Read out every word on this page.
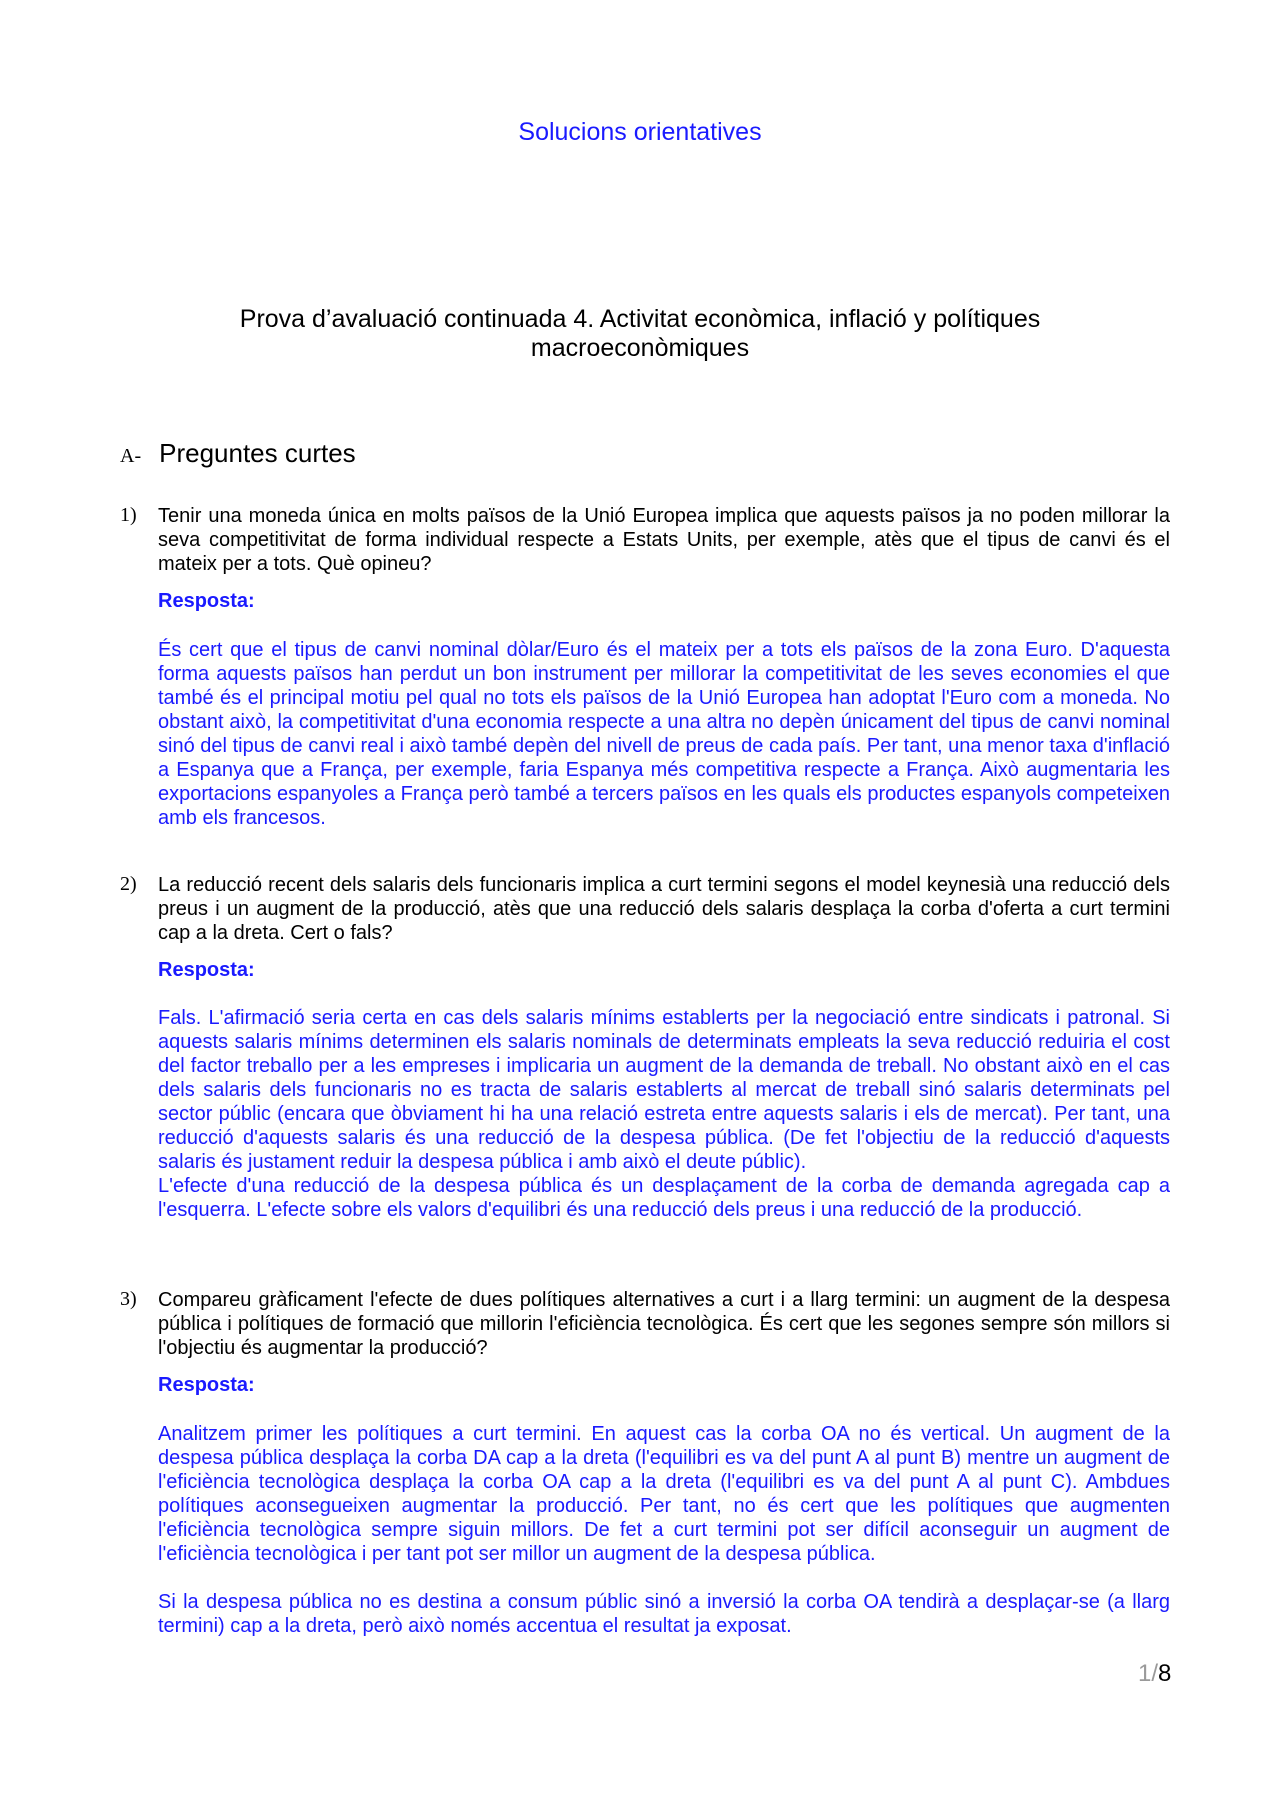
Solucions orientatives
Prova d’avaluació continuada 4. Activitat econòmica, inflació y polítiques macroeconòmiques
A- Preguntes curtes
1) Tenir una moneda única en molts països de la Unió Europea implica que aquests països ja no poden millorar la seva competitivitat de forma individual respecte a Estats Units, per exemple, atès que el tipus de canvi és el mateix per a tots. Què opineu?
Resposta:

És cert que el tipus de canvi nominal dòlar/Euro és el mateix per a tots els països de la zona Euro. D'aquesta forma aquests països han perdut un bon instrument per millorar la competitivitat de les seves economies el que també és el principal motiu pel qual no tots els països de la Unió Europea han adoptat l'Euro com a moneda. No obstant això, la competitivitat d'una economia respecte a una altra no depèn únicament del tipus de canvi nominal sinó del tipus de canvi real i això també depèn del nivell de preus de cada país. Per tant, una menor taxa d'inflació a Espanya que a França, per exemple, faria Espanya més competitiva respecte a França. Això augmentaria les exportacions espanyoles a França però també a tercers països en les quals els productes espanyols competeixen amb els francesos.

2) La reducció recent dels salaris dels funcionaris implica a curt termini segons el model keynesià una reducció dels preus i un augment de la producció, atès que una reducció dels salaris desplaça la corba d'oferta a curt termini cap a la dreta. Cert o fals?
Resposta:

Fals. L'afirmació seria certa en cas dels salaris mínims establerts per la negociació entre sindicats i patronal. Si aquests salaris mínims determinen els salaris nominals de determinats empleats la seva reducció reduiria el cost del factor treballo per a les empreses i implicaria un augment de la demanda de treball. No obstant això en el cas dels salaris dels funcionaris no es tracta de salaris establerts al mercat de treball sinó salaris determinats pel sector públic (encara que òbviament hi ha una relació estreta entre aquests salaris i els de mercat). Per tant, una reducció d'aquests salaris és una reducció de la despesa pública. (De fet l'objectiu de la reducció d'aquests salaris és justament reduir la despesa pública i amb això el deute públic).

L'efecte d'una reducció de la despesa pública és un desplaçament de la corba de demanda agregada cap a l'esquerra. L'efecte sobre els valors d'equilibri és una reducció dels preus i una reducció de la producció.

3) Compareu gràficament l'efecte de dues polítiques alternatives a curt i a llarg termini: un augment de la despesa pública i polítiques de formació que millorin l'eficiència tecnològica. És cert que les segones sempre són millors si l'objectiu és augmentar la producció?
Resposta:

Analitzem primer les polítiques a curt termini. En aquest cas la corba OA no és vertical. Un augment de la despesa pública desplaça la corba DA cap a la dreta (l'equilibri es va del punt A al punt B) mentre un augment de l'eficiència tecnològica desplaça la corba OA cap a la dreta (l'equilibri es va del punt A al punt C). Ambdues polítiques aconsegueixen augmentar la producció. Per tant, no és cert que les polítiques que augmenten l'eficiència tecnològica sempre siguin millors. De fet a curt termini pot ser difícil aconseguir un augment de l'eficiència tecnològica i per tant pot ser millor un augment de la despesa pública.

Si la despesa pública no es destina a consum públic sinó a inversió la corba OA tendirà a desplaçar-se (a llarg termini) cap a la dreta, però això només accentua el resultat ja exposat.

1/8
